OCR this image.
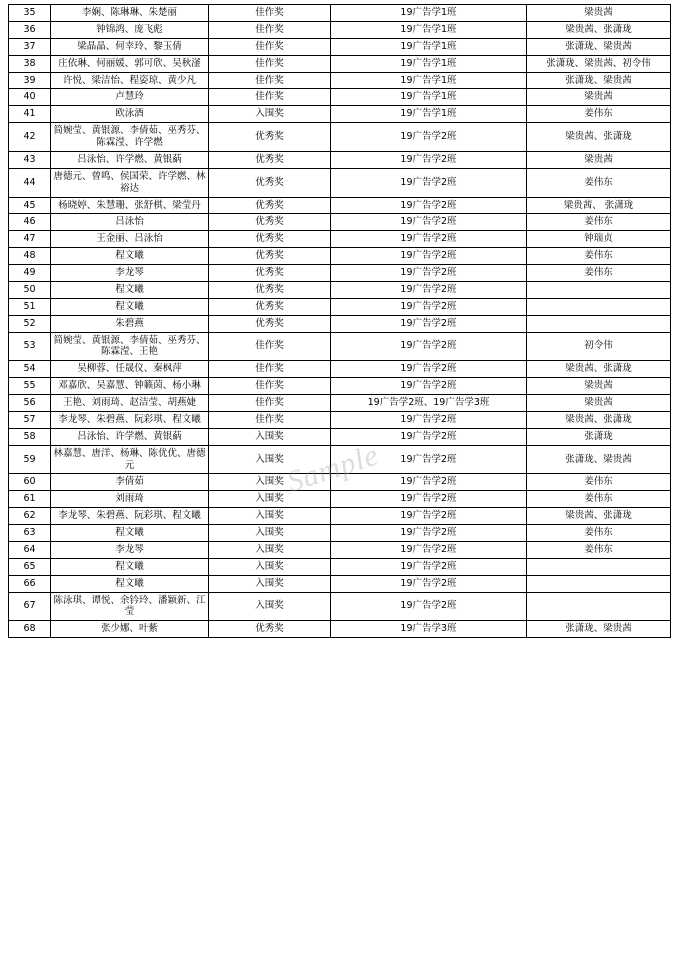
Sample
35	李娴、陈琳琳、朱楚丽	佳作奖	19广告学1班	梁贵茜
36	钟锦鸿、庞飞彪	佳作奖	19广告学1班	梁贵茜、张潇珑
37	梁晶晶、何幸玲、黎玉倩	佳作奖	19广告学1班	张潇珑、梁贵茜
38	庄依琳、何丽媛、郭可欣、吴秋滏	佳作奖	19广告学1班	张潇珑、梁贵茜、初令伟
39	许悦、梁洁怡、程姿琼、黄少凡	佳作奖	19广告学1班	张潇珑、梁贵茜
40	卢慧玲	佳作奖	19广告学1班	梁贵茜
41	欧泳酒	入围奖	19广告学1班	姜伟东
42	简婉莹、黄银源、李倩茹、巫秀芬、陈霖滢、许学燃	优秀奖	19广告学2班	梁贵茜、张潇珑
43	吕泳怡、许学燃、黄银蒳	优秀奖	19广告学2班	梁贵茜
44	唐德元、曾鸣、侯国荣、许学燃、林裕达	优秀奖	19广告学2班	姜伟东
45	杨晓婷、朱慧珊、张舒棋、梁莹丹	优秀奖	19广告学2班	梁贵茜、 张潇珑
46	吕泳怡	优秀奖	19广告学2班	姜伟东
47	王金丽、吕泳怡	优秀奖	19广告学2班	钟瑞贞
48	程文曦	优秀奖	19广告学2班	姜伟东
49	李龙琴	优秀奖	19广告学2班	姜伟东
50	程文曦	优秀奖	19广告学2班	
51	程文曦	优秀奖	19广告学2班	
52	朱碧燕	优秀奖	19广告学2班	
53	简婉莹、黄银源、李倩茹、巫秀芬、陈霖滢、王艳	佳作奖	19广告学2班	初令伟
54	吴柳蓉、任晟仪、秦枫萍	佳作奖	19广告学2班	梁贵茜、张潇珑
55	邓嘉欣、吴嘉慧、钟籁茵、杨小琳	佳作奖	19广告学2班	梁贵茜
56	王艳、刘雨琦、赵洁莹、胡燕婕	佳作奖	19广告学2班、19广告学3班	梁贵茜
57	李龙琴、朱碧燕、阮彩琪、程文曦	佳作奖	19广告学2班	梁贵茜、张潇珑
58	吕泳怡、许学燃、黄银蒳	入围奖	19广告学2班	张潇珑
59	林嘉慧、唐洋、杨琳、陈优优、唐德元	入围奖	19广告学2班	张潇珑、梁贵茜
60	李倩茹	入围奖	19广告学2班	姜伟东
61	刘雨琦	入围奖	19广告学2班	姜伟东
62	李龙琴、朱碧燕、阮彩琪、程文曦	入围奖	19广告学2班	梁贵茜、张潇珑
63	程文曦	入围奖	19广告学2班	姜伟东
64	李龙琴	入围奖	19广告学2班	姜伟东
65	程文曦	入围奖	19广告学2班	
66	程文曦	入围奖	19广告学2班	
67	陈泳琪、谭悦、余钤玲、潘颖新、江莹	入围奖	19广告学2班	
68	张少娜、叶紫	优秀奖	19广告学3班	张潇珑、梁贵茜
